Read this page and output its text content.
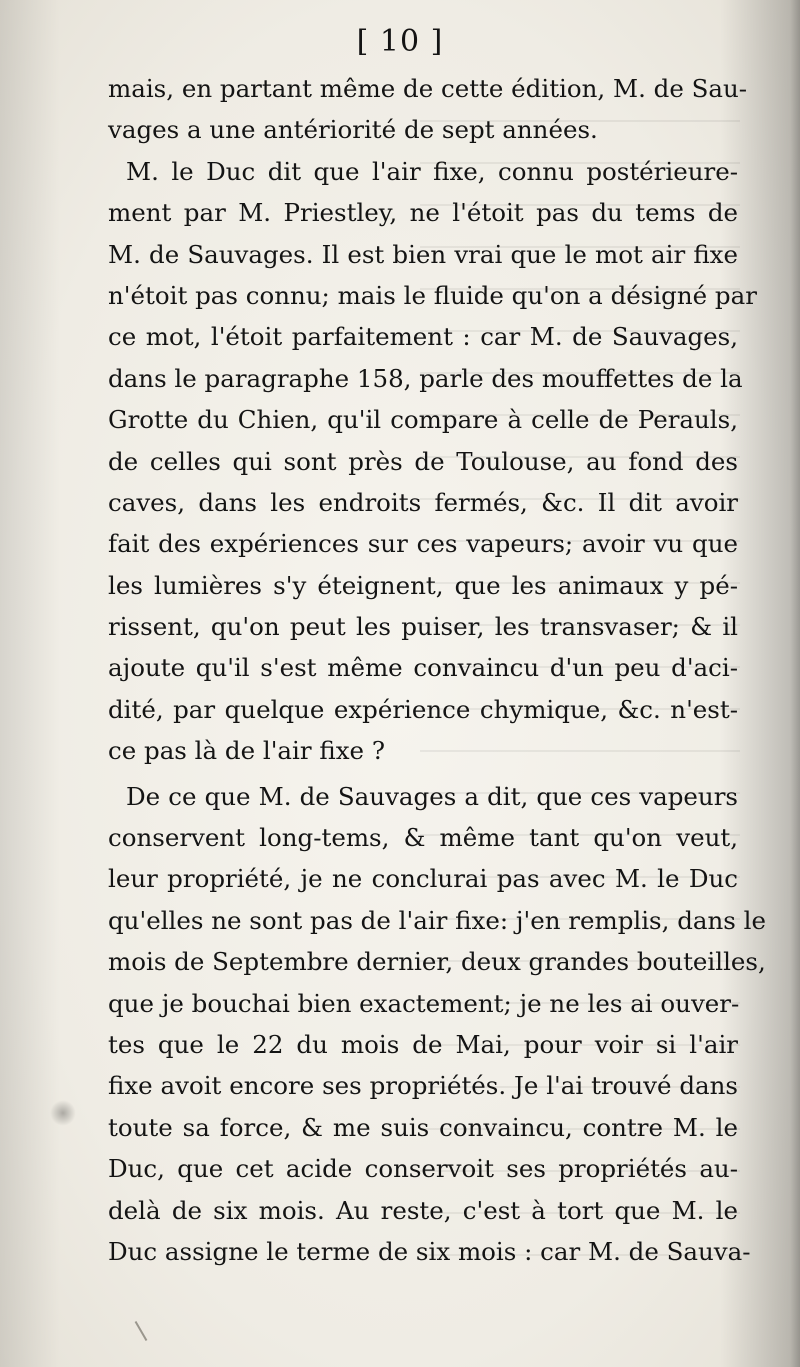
[ 10 ]
mais, en partant même de cette édition, M. de Sau-
vages a une antériorité de sept années.
M. le Duc dit que l'air fixe, connu postérieure-
ment par M. Priestley, ne l'étoit pas du tems de
M. de Sauvages. Il est bien vrai que le mot air fixe
n'étoit pas connu; mais le fluide qu'on a désigné par
ce mot, l'étoit parfaitement : car M. de Sauvages,
dans le paragraphe 158, parle des mouffettes de la
Grotte du Chien, qu'il compare à celle de Perauls,
de celles qui sont près de Toulouse, au fond des
caves, dans les endroits fermés, &c. Il dit avoir
fait des expériences sur ces vapeurs; avoir vu que
les lumières s'y éteignent, que les animaux y pé-
rissent, qu'on peut les puiser, les transvaser; & il
ajoute qu'il s'est même convaincu d'un peu d'aci-
dité, par quelque expérience chymique, &c. n'est-
ce pas là de l'air fixe ?
De ce que M. de Sauvages a dit, que ces vapeurs
conservent long-tems, & même tant qu'on veut,
leur propriété, je ne conclurai pas avec M. le Duc
qu'elles ne sont pas de l'air fixe: j'en remplis, dans le
mois de Septembre dernier, deux grandes bouteilles,
que je bouchai bien exactement; je ne les ai ouver-
tes que le 22 du mois de Mai, pour voir si l'air
fixe avoit encore ses propriétés. Je l'ai trouvé dans
toute sa force, & me suis convaincu, contre M. le
Duc, que cet acide conservoit ses propriétés au-
delà de six mois. Au reste, c'est à tort que M. le
Duc assigne le terme de six mois : car M. de Sauva-
